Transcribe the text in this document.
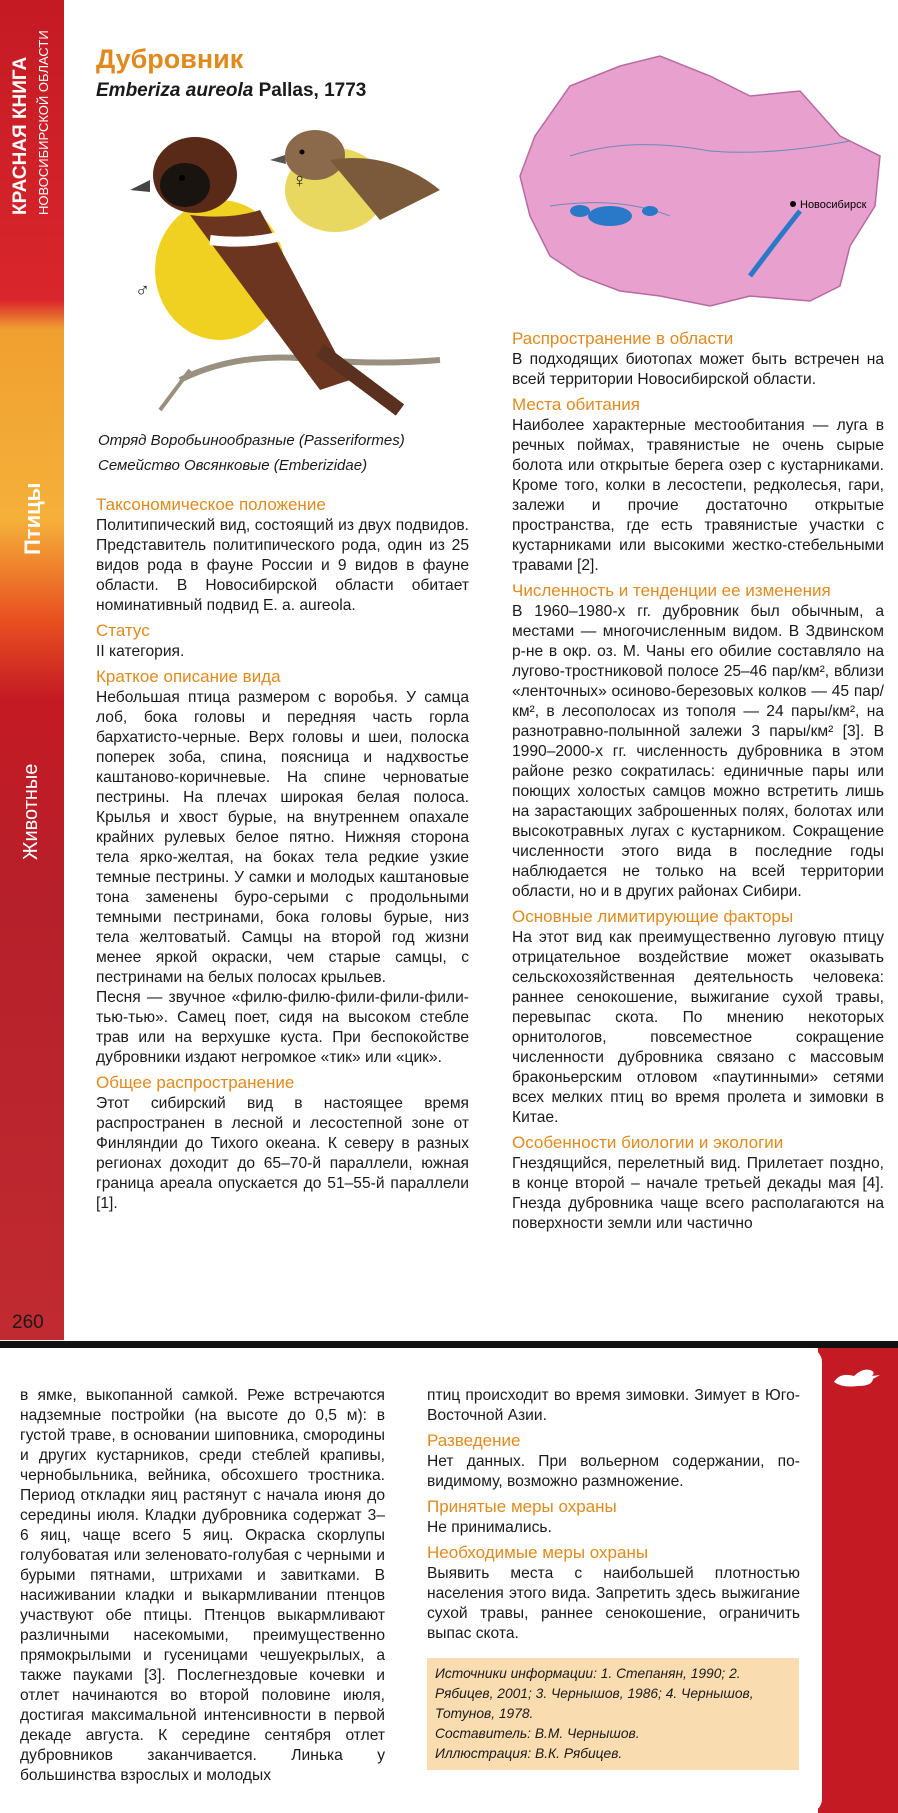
КРАСНАЯ КНИГА НОВОСИБИРСКОЙ ОБЛАСТИ
Птицы
Животные
Дубровник
Emberiza aureola Pallas, 1773
♂
♀
Отряд Воробьинообразные (Passeriformes)
Семейство Овсянковые (Emberizidae)
Таксономическое положение

Политипический вид, состоящий из двух подвидов. Представитель политипического рода, один из 25 видов рода в фауне России и 9 видов в фауне области. В Новосибирской области обитает номинативный подвид E. a. aureola.

Статус

II категория.

Краткое описание вида

Небольшая птица размером с воробья. У самца лоб, бока головы и передняя часть горла бархатисто-черные. Верх головы и шеи, полоска поперек зоба, спина, поясница и надхвостье каштаново-коричневые. На спине черноватые пестрины. На плечах широкая белая полоса. Крылья и хвост бурые, на внутреннем опахале крайних рулевых белое пятно. Нижняя сторона тела ярко-желтая, на боках тела редкие узкие темные пестрины. У самки и молодых каштановые тона заменены буро-серыми с продольными темными пестринами, бока головы бурые, низ тела желтоватый. Самцы на второй год жизни менее яркой окраски, чем старые самцы, с пестринами на белых полосах крыльев.

Песня — звучное «филю-филю-фили-фили-фили-тью-тью». Самец поет, сидя на высоком стебле трав или на верхушке куста. При беспокойстве дубровники издают негромкое «тик» или «цик».

Общее распространение

Этот сибирский вид в настоящее время распространен в лесной и лесостепной зоне от Финляндии до Тихого океана. К северу в разных регионах доходит до 65–70-й параллели, южная граница ареала опускается до 51–55-й параллели [1].

Новосибирск
Распространение в области

В подходящих биотопах может быть встречен на всей территории Новосибирской области.

Места обитания

Наиболее характерные местообитания — луга в речных поймах, травянистые не очень сырые болота или открытые берега озер с кустарниками. Кроме того, колки в лесостепи, редколесья, гари, залежи и прочие достаточно открытые пространства, где есть травянистые участки с кустарниками или высокими жестко-стебельными травами [2].

Численность и тенденции ее изменения

В 1960–1980-х гг. дубровник был обычным, а местами — многочисленным видом. В Здвинском р-не в окр. оз. М. Чаны его обилие составляло на лугово-тростниковой полосе 25–46 пар/км², вблизи «ленточных» осиново-березовых колков — 45 пар/км², в лесополосах из тополя — 24 пары/км², на разнотравно-полынной залежи 3 пары/км² [3]. В 1990–2000-х гг. численность дубровника в этом районе резко сократилась: единичные пары или поющих холостых самцов можно встретить лишь на зарастающих заброшенных полях, болотах или высокотравных лугах с кустарником. Сокращение численности этого вида в последние годы наблюдается не только на всей территории области, но и в других районах Сибири.

Основные лимитирующие факторы

На этот вид как преимущественно луговую птицу отрицательное воздействие может оказывать сельскохозяйственная деятельность человека: раннее сенокошение, выжигание сухой травы, перевыпас скота. По мнению некоторых орнитологов, повсеместное сокращение численности дубровника связано с массовым браконьерским отловом «паутинными» сетями всех мелких птиц во время пролета и зимовки в Китае.

Особенности биологии и экологии

Гнездящийся, перелетный вид. Прилетает поздно, в конце второй – начале третьей декады мая [4]. Гнезда дубровника чаще всего располагаются на поверхности земли или частично

260

в ямке, выкопанной самкой. Реже встречаются надземные постройки (на высоте до 0,5 м): в густой траве, в основании шиповника, смородины и других кустарников, среди стеблей крапивы, чернобыльника, вейника, обсохшего тростника. Период откладки яиц растянут с начала июня до середины июля. Кладки дубровника содержат 3–6 яиц, чаще всего 5 яиц. Окраска скорлупы голубоватая или зеленовато-голубая с черными и бурыми пятнами, штрихами и завитками. В насиживании кладки и выкармливании птенцов участвуют обе птицы. Птенцов выкармливают различными насекомыми, преимущественно прямокрылыми и гусеницами чешуекрылых, а также пауками [3]. Послегнездовые кочевки и отлет начинаются во второй половине июля, достигая максимальной интенсивности в первой декаде августа. К середине сентября отлет дубровников заканчивается. Линька у большинства взрослых и молодых

птиц происходит во время зимовки. Зимует в Юго-Восточной Азии.

Разведение

Нет данных. При вольерном содержании, по-видимому, возможно размножение.

Принятые меры охраны

Не принимались.

Необходимые меры охраны

Выявить места с наибольшей плотностью населения этого вида. Запретить здесь выжигание сухой травы, раннее сенокошение, ограничить выпас скота.

Источники информации: 1. Степанян, 1990; 2. Рябицев, 2001; 3. Чернышов, 1986; 4. Чернышов, Тотунов, 1978.

Составитель: В.М. Чернышов.

Иллюстрация: В.К. Рябицев.
